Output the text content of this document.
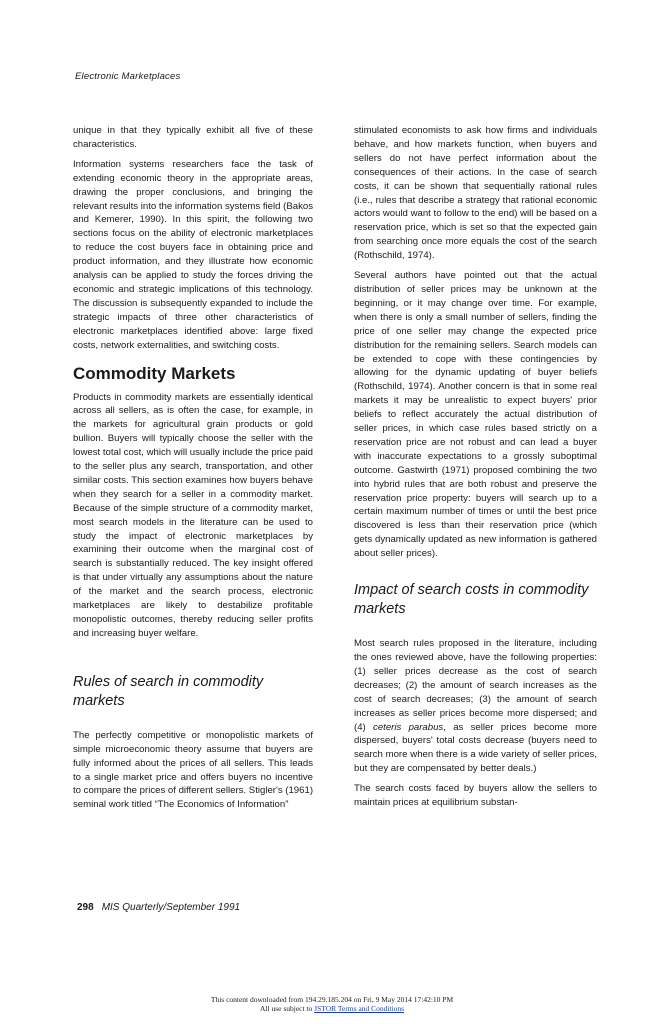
Electronic Marketplaces

unique in that they typically exhibit all five of these characteristics.

Information systems researchers face the task of extending economic theory in the appropriate areas, drawing the proper conclusions, and bringing the relevant results into the information systems field (Bakos and Kemerer, 1990). In this spirit, the following two sections focus on the ability of electronic marketplaces to reduce the cost buyers face in obtaining price and product information, and they illustrate how economic analysis can be applied to study the forces driving the economic and strategic implications of this technology. The discussion is subsequently expanded to include the strategic impacts of three other characteristics of electronic marketplaces identified above: large fixed costs, network externalities, and switching costs.

Commodity Markets

Products in commodity markets are essentially identical across all sellers, as is often the case, for example, in the markets for agricultural grain products or gold bullion. Buyers will typically choose the seller with the lowest total cost, which will usually include the price paid to the seller plus any search, transportation, and other similar costs. This section examines how buyers behave when they search for a seller in a commodity market. Because of the simple structure of a commodity market, most search models in the literature can be used to study the impact of electronic marketplaces by examining their outcome when the marginal cost of search is substantially reduced. The key insight offered is that under virtually any assumptions about the nature of the market and the search process, electronic marketplaces are likely to destabilize profitable monopolistic outcomes, thereby reducing seller profits and increasing buyer welfare.

Rules of search in commodity markets

The perfectly competitive or monopolistic markets of simple microeconomic theory assume that buyers are fully informed about the prices of all sellers. This leads to a single market price and offers buyers no incentive to compare the prices of different sellers. Stigler's (1961) seminal work titled “The Economics of Information”

stimulated economists to ask how firms and individuals behave, and how markets function, when buyers and sellers do not have perfect information about the consequences of their actions. In the case of search costs, it can be shown that sequentially rational rules (i.e., rules that describe a strategy that rational economic actors would want to follow to the end) will be based on a reservation price, which is set so that the expected gain from searching once more equals the cost of the search (Rothschild, 1974).

Several authors have pointed out that the actual distribution of seller prices may be unknown at the beginning, or it may change over time. For example, when there is only a small number of sellers, finding the price of one seller may change the expected price distribution for the remaining sellers. Search models can be extended to cope with these contingencies by allowing for the dynamic updating of buyer beliefs (Rothschild, 1974). Another concern is that in some real markets it may be unrealistic to expect buyers' prior beliefs to reflect accurately the actual distribution of seller prices, in which case rules based strictly on a reservation price are not robust and can lead a buyer with inaccurate expectations to a grossly suboptimal outcome. Gastwirth (1971) proposed combining the two into hybrid rules that are both robust and preserve the reservation price property: buyers will search up to a certain maximum number of times or until the best price discovered is less than their reservation price (which gets dynamically updated as new information is gathered about seller prices).

Impact of search costs in commodity markets

Most search rules proposed in the literature, including the ones reviewed above, have the following properties: (1) seller prices decrease as the cost of search decreases; (2) the amount of search increases as the cost of search decreases; (3) the amount of search increases as seller prices become more dispersed; and (4) ceteris parabus, as seller prices become more dispersed, buyers' total costs decrease (buyers need to search more when there is a wide variety of seller prices, but they are compensated by better deals.)

The search costs faced by buyers allow the sellers to maintain prices at equilibrium substan-

298 MIS Quarterly/September 1991
This content downloaded from 194.29.185.204 on Fri, 9 May 2014 17:42:10 PM
All use subject to JSTOR Terms and Conditions
